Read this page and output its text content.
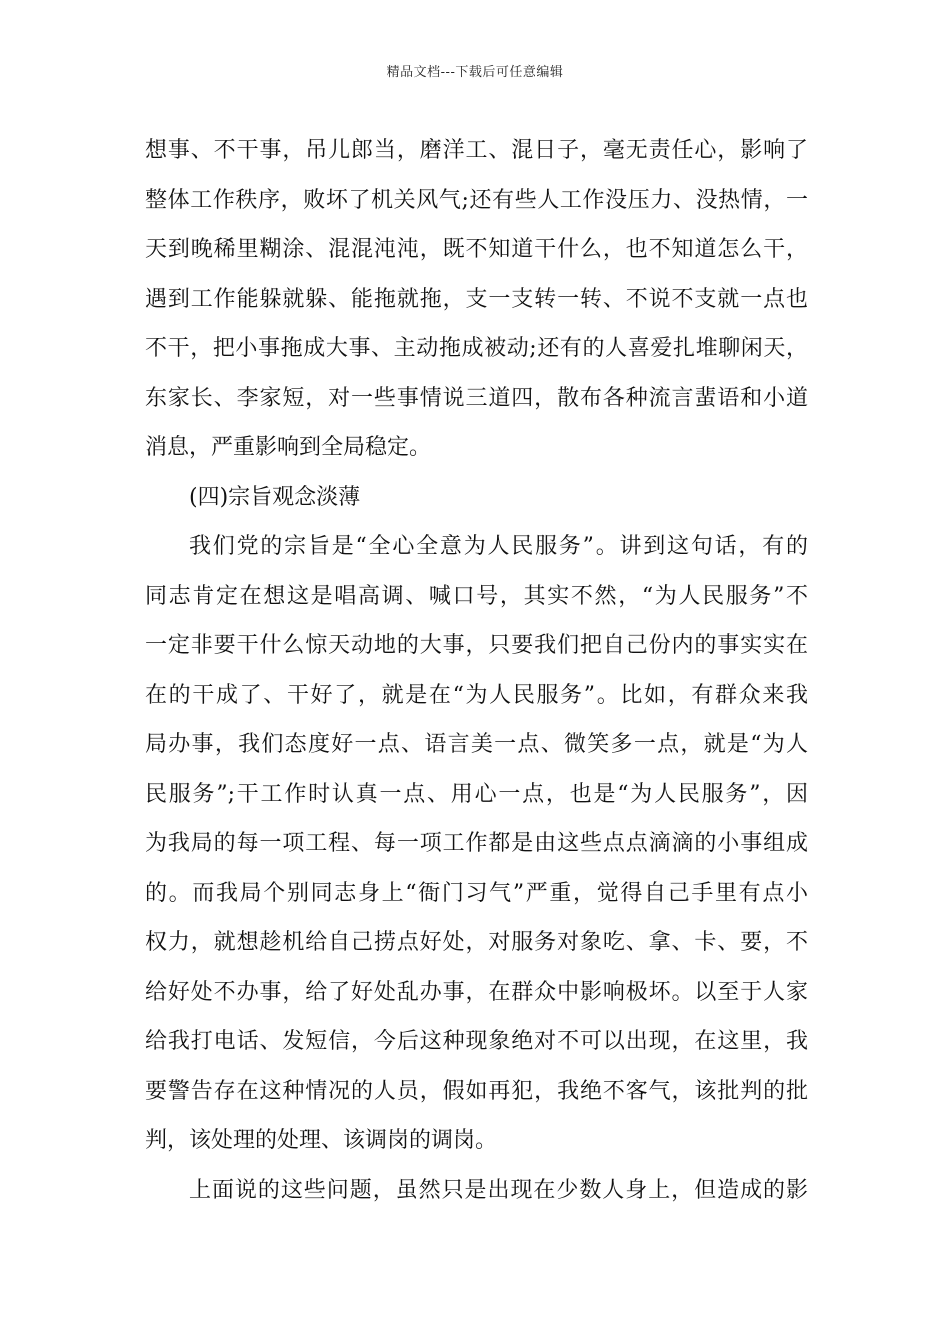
精品文档---下载后可任意编辑
想事、不干事，吊儿郎当，磨洋工、混日子，毫无责任心，影响了
整体工作秩序，败坏了机关风气;还有些人工作没压力、没热情，一
天到晚稀里糊涂、混混沌沌，既不知道干什么，也不知道怎么干，
遇到工作能躲就躲、能拖就拖，支一支转一转、不说不支就一点也
不干，把小事拖成大事、主动拖成被动;还有的人喜爱扎堆聊闲天，
东家长、李家短，对一些事情说三道四，散布各种流言蜚语和小道
消息，严重影响到全局稳定。
(四)宗旨观念淡薄
我们党的宗旨是“全心全意为人民服务”。讲到这句话，有的
同志肯定在想这是唱高调、喊口号，其实不然，“为人民服务”不
一定非要干什么惊天动地的大事，只要我们把自己份内的事实实在
在的干成了、干好了，就是在“为人民服务”。比如，有群众来我
局办事，我们态度好一点、语言美一点、微笑多一点，就是“为人
民服务”;干工作时认真一点、用心一点，也是“为人民服务”，因
为我局的每一项工程、每一项工作都是由这些点点滴滴的小事组成
的。而我局个别同志身上“衙门习气”严重，觉得自己手里有点小
权力，就想趁机给自己捞点好处，对服务对象吃、拿、卡、要，不
给好处不办事，给了好处乱办事，在群众中影响极坏。以至于人家
给我打电话、发短信，今后这种现象绝对不可以出现，在这里，我
要警告存在这种情况的人员，假如再犯，我绝不客气，该批判的批
判，该处理的处理、该调岗的调岗。
上面说的这些问题，虽然只是出现在少数人身上，但造成的影
